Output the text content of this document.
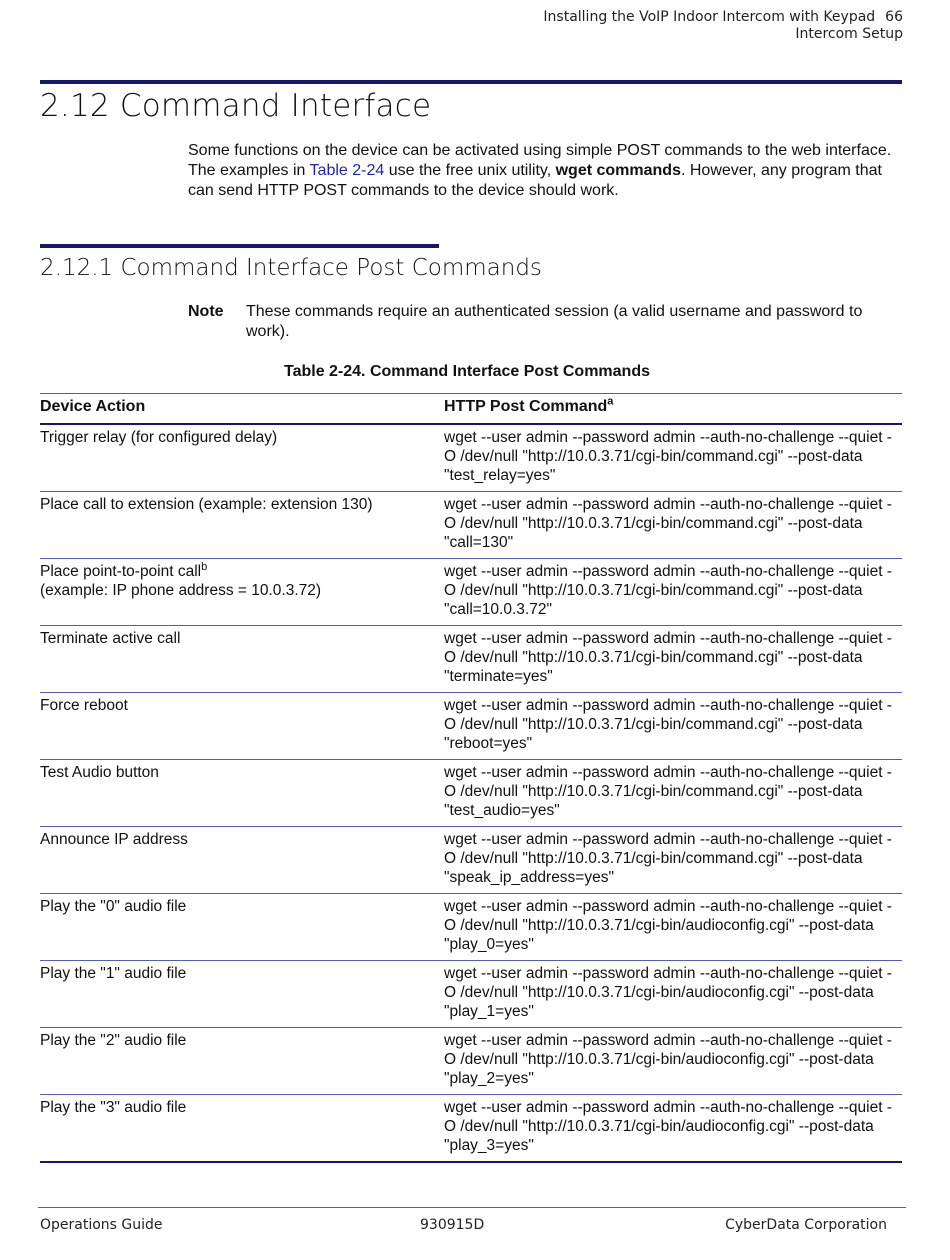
Installing the VoIP Indoor Intercom with Keypad 66
Intercom Setup
2.12 Command Interface
Some functions on the device can be activated using simple POST commands to the web interface. The examples in Table 2-24 use the free unix utility, wget commands. However, any program that can send HTTP POST commands to the device should work.
2.12.1 Command Interface Post Commands
Note These commands require an authenticated session (a valid username and password to work).
Table 2-24. Command Interface Post Commands
Device Action	HTTP Post Command$^a$
Trigger relay (for configured delay)	wget --user admin --password admin --auth-no-challenge --quiet -O /dev/null "http://10.0.3.71/cgi-bin/command.cgi" --post-data "test_relay=yes"
Place call to extension (example: extension 130)	wget --user admin --password admin --auth-no-challenge --quiet -O /dev/null "http://10.0.3.71/cgi-bin/command.cgi" --post-data "call=130"
Place point-to-point call$^b$
(example: IP phone address = 10.0.3.72)	wget --user admin --password admin --auth-no-challenge --quiet -O /dev/null "http://10.0.3.71/cgi-bin/command.cgi" --post-data "call=10.0.3.72"
Terminate active call	wget --user admin --password admin --auth-no-challenge --quiet -O /dev/null "http://10.0.3.71/cgi-bin/command.cgi" --post-data "terminate=yes"
Force reboot	wget --user admin --password admin --auth-no-challenge --quiet -O /dev/null "http://10.0.3.71/cgi-bin/command.cgi" --post-data "reboot=yes"
Test Audio button	wget --user admin --password admin --auth-no-challenge --quiet -O /dev/null "http://10.0.3.71/cgi-bin/command.cgi" --post-data "test_audio=yes"
Announce IP address	wget --user admin --password admin --auth-no-challenge --quiet -O /dev/null "http://10.0.3.71/cgi-bin/command.cgi" --post-data "speak_ip_address=yes"
Play the "0" audio file	wget --user admin --password admin --auth-no-challenge --quiet -O /dev/null "http://10.0.3.71/cgi-bin/audioconfig.cgi" --post-data "play_0=yes"
Play the "1" audio file	wget --user admin --password admin --auth-no-challenge --quiet -O /dev/null "http://10.0.3.71/cgi-bin/audioconfig.cgi" --post-data "play_1=yes"
Play the "2" audio file	wget --user admin --password admin --auth-no-challenge --quiet -O /dev/null "http://10.0.3.71/cgi-bin/audioconfig.cgi" --post-data "play_2=yes"
Play the "3" audio file	wget --user admin --password admin --auth-no-challenge --quiet -O /dev/null "http://10.0.3.71/cgi-bin/audioconfig.cgi" --post-data "play_3=yes"
Operations Guide	930915D	CyberData Corporation
